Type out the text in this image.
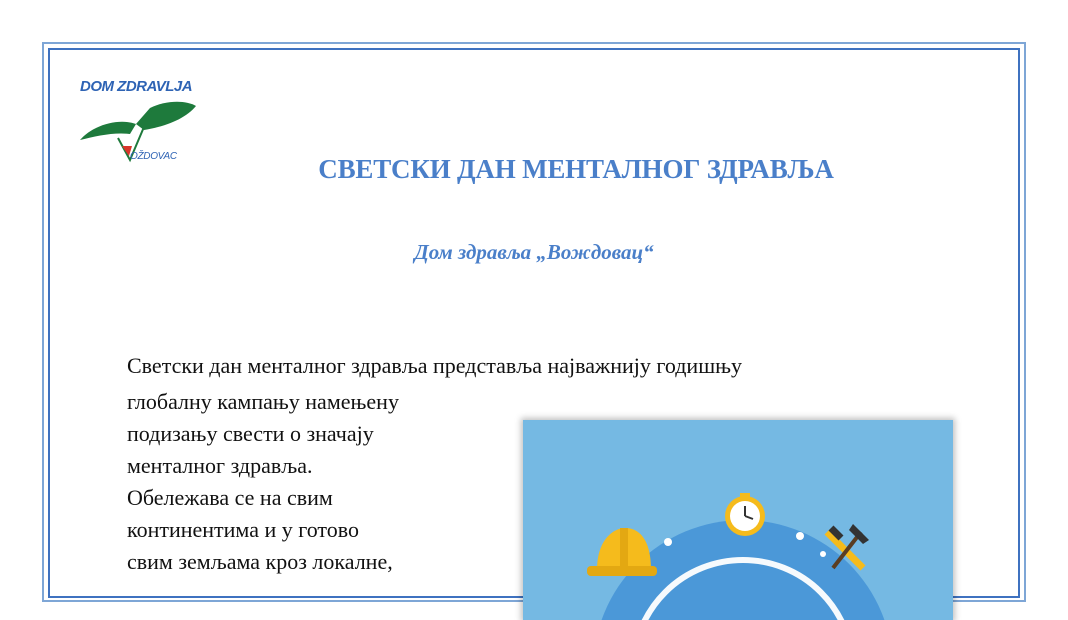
DOM ZDRAVLJA
OŽDOVAC	СВЕТСКИ ДАН МЕНТАЛНОГ ЗДРАВЉА
Дом здравља „Вождовац“
Светски дан менталног здравља представља најважнију годишњу
глобалну кампању намењену
подизању свести о значају
менталног здравља.
Обележава се на свим
континентима и у готово
свим земљама кроз локалне,
